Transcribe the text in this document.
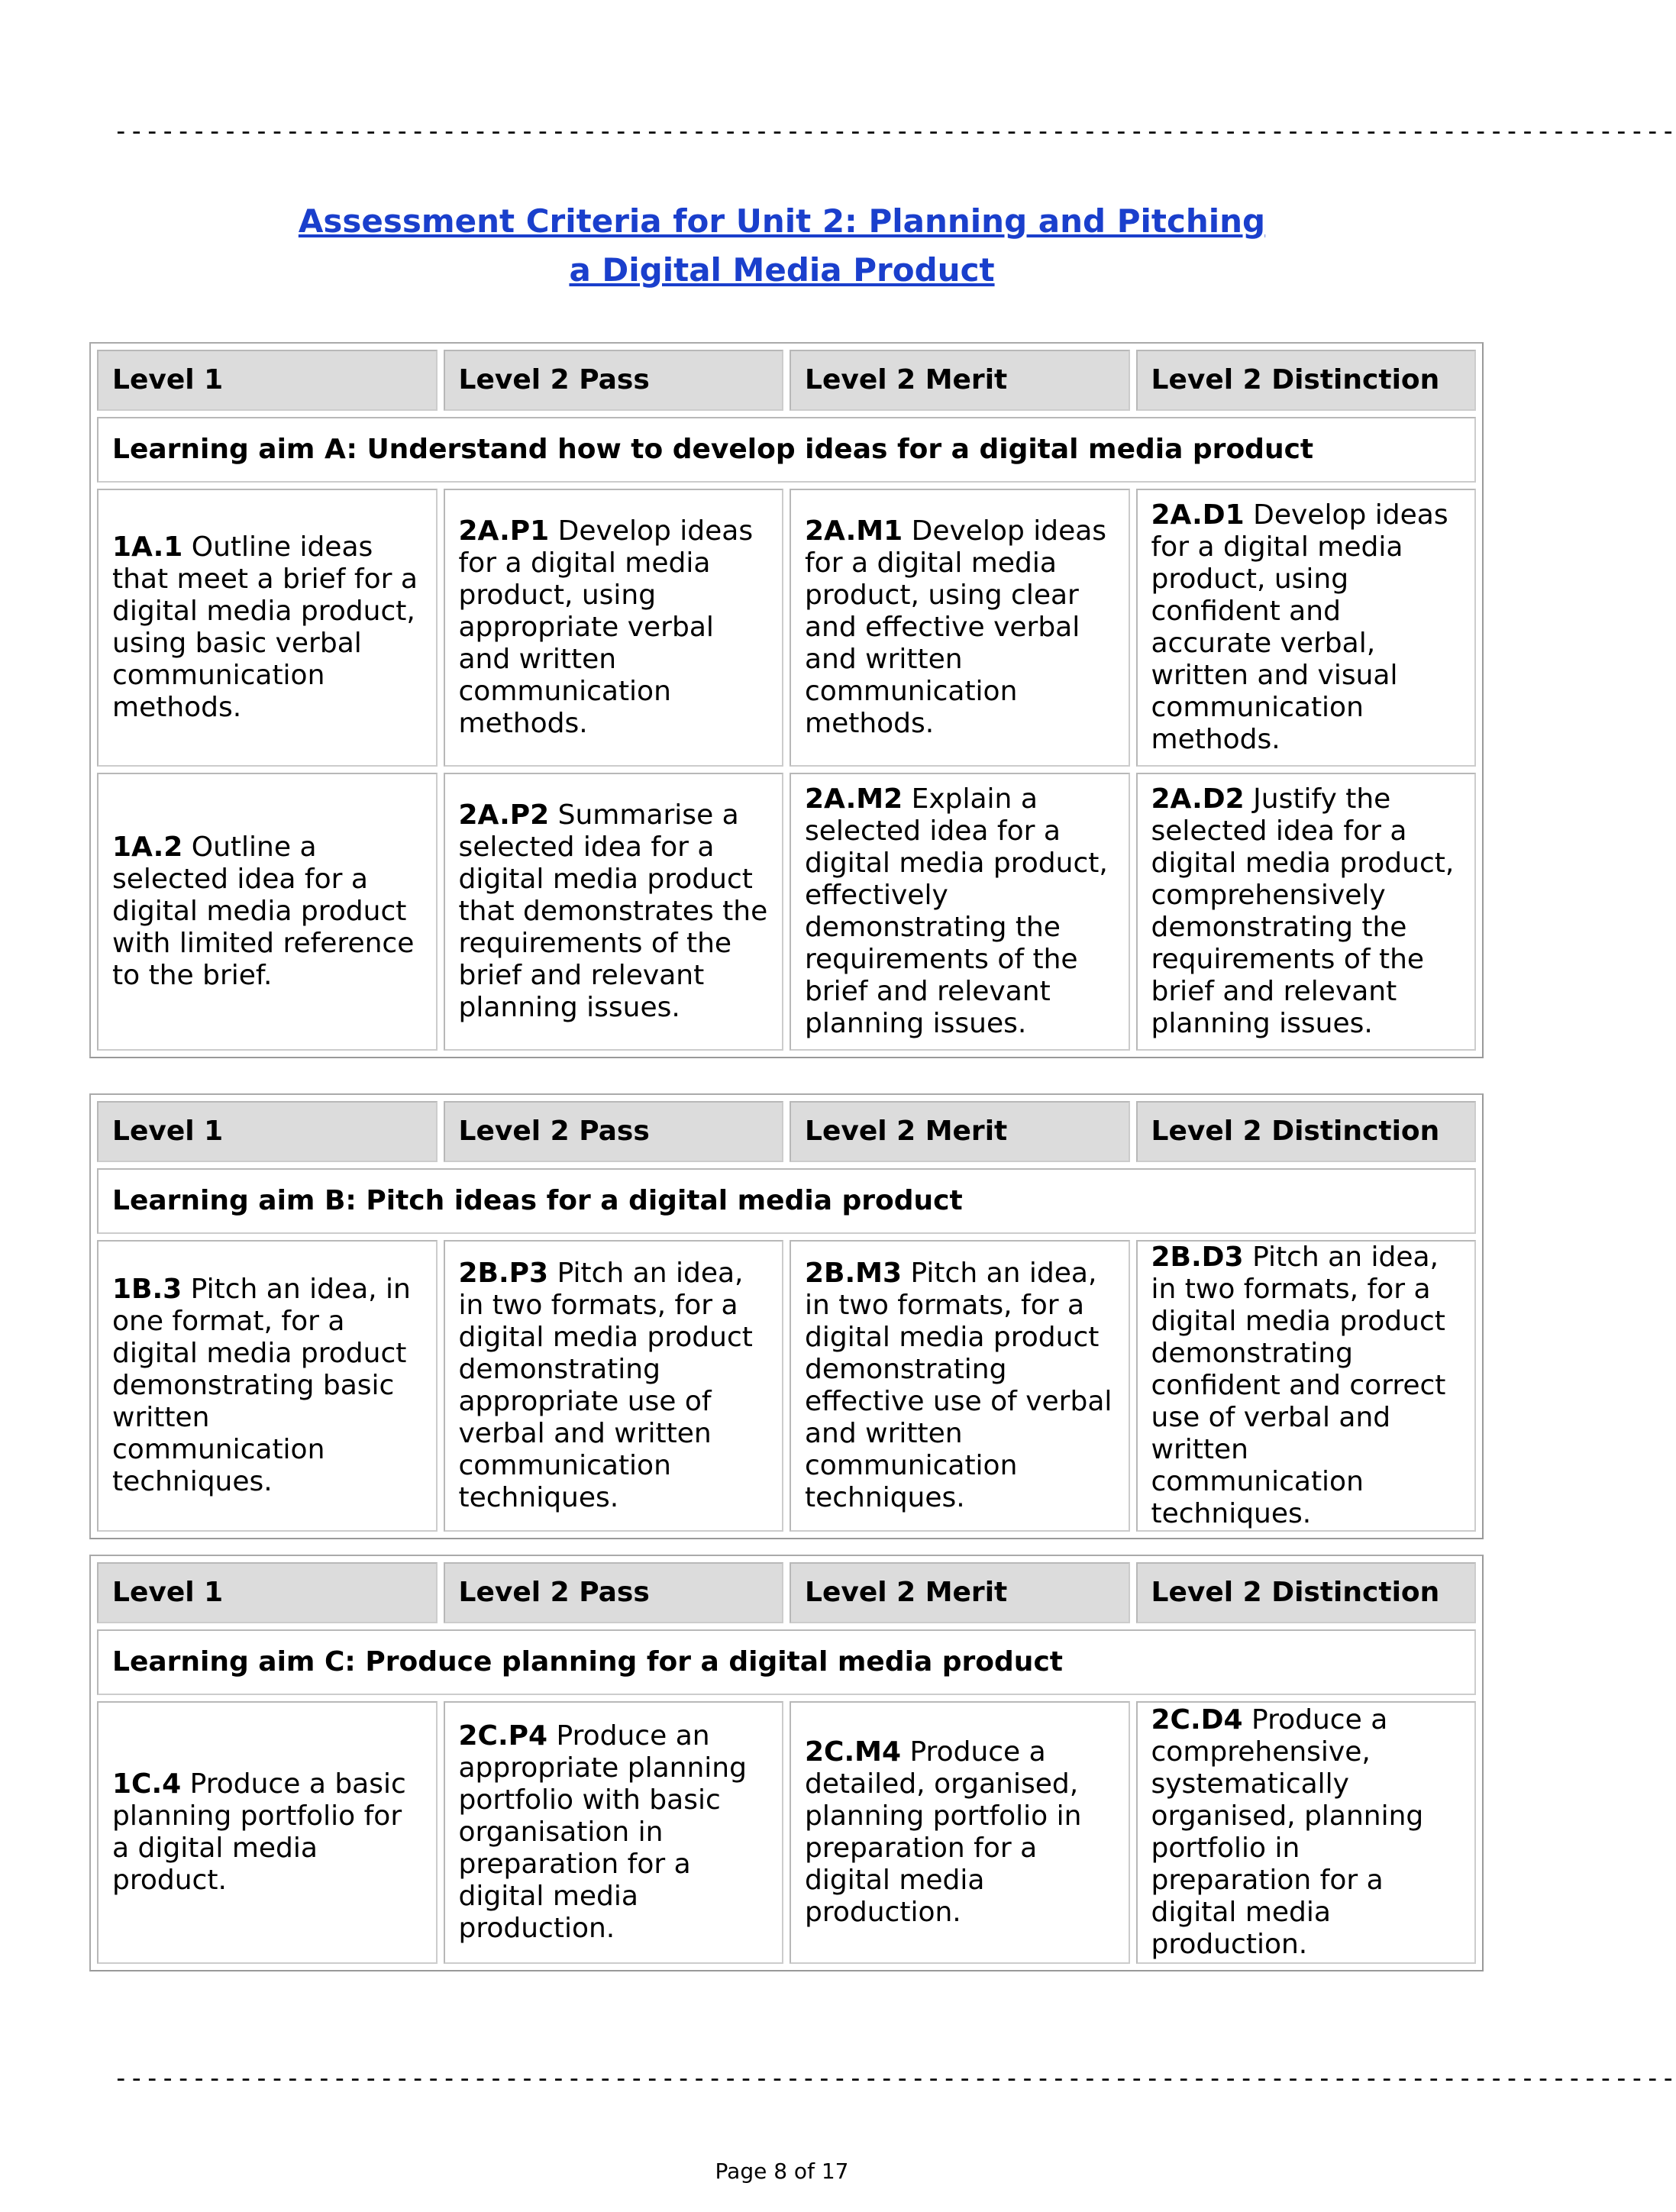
----------------------------------------------------------------------------------------------------
Assessment Criteria for Unit 2: Planning and Pitching
a Digital Media Product
Level 1	Level 2 Pass	Level 2 Merit	Level 2 Distinction
Learning aim A: Understand how to develop ideas for a digital media product			
1A.1 Outline ideas that meet a brief for a digital media product, using basic verbal communication methods.	2A.P1 Develop ideas for a digital media product, using appropriate verbal and written communication methods.	2A.M1 Develop ideas for a digital media product, using clear and effective verbal and written communication methods.	2A.D1 Develop ideas for a digital media product, using confident and accurate verbal, written and visual communication methods.
1A.2 Outline a selected idea for a digital media product with limited reference to the brief.	2A.P2 Summarise a selected idea for a digital media product that demonstrates the requirements of the brief and relevant planning issues.	2A.M2 Explain a selected idea for a digital media product, effectively demonstrating the requirements of the brief and relevant planning issues.	2A.D2 Justify the selected idea for a digital media product, comprehensively demonstrating the requirements of the brief and relevant planning issues.
Level 1	Level 2 Pass	Level 2 Merit	Level 2 Distinction
Learning aim B: Pitch ideas for a digital media product			
1B.3 Pitch an idea, in one format, for a digital media product demonstrating basic written communication techniques.	2B.P3 Pitch an idea, in two formats, for a digital media product demonstrating appropriate use of verbal and written communication techniques.	2B.M3 Pitch an idea, in two formats, for a digital media product demonstrating effective use of verbal and written communication techniques.	2B.D3 Pitch an idea, in two formats, for a digital media product demonstrating confident and correct use of verbal and written communication techniques.
Level 1	Level 2 Pass	Level 2 Merit	Level 2 Distinction
Learning aim C: Produce planning for a digital media product			
1C.4 Produce a basic planning portfolio for a digital media product.	2C.P4 Produce an appropriate planning portfolio with basic organisation in preparation for a digital media production.	2C.M4 Produce a detailed, organised, planning portfolio in preparation for a digital media production.	2C.D4 Produce a comprehensive, systematically organised, planning portfolio in preparation for a digital media production.
----------------------------------------------------------------------------------------------------
Page 8 of 17
